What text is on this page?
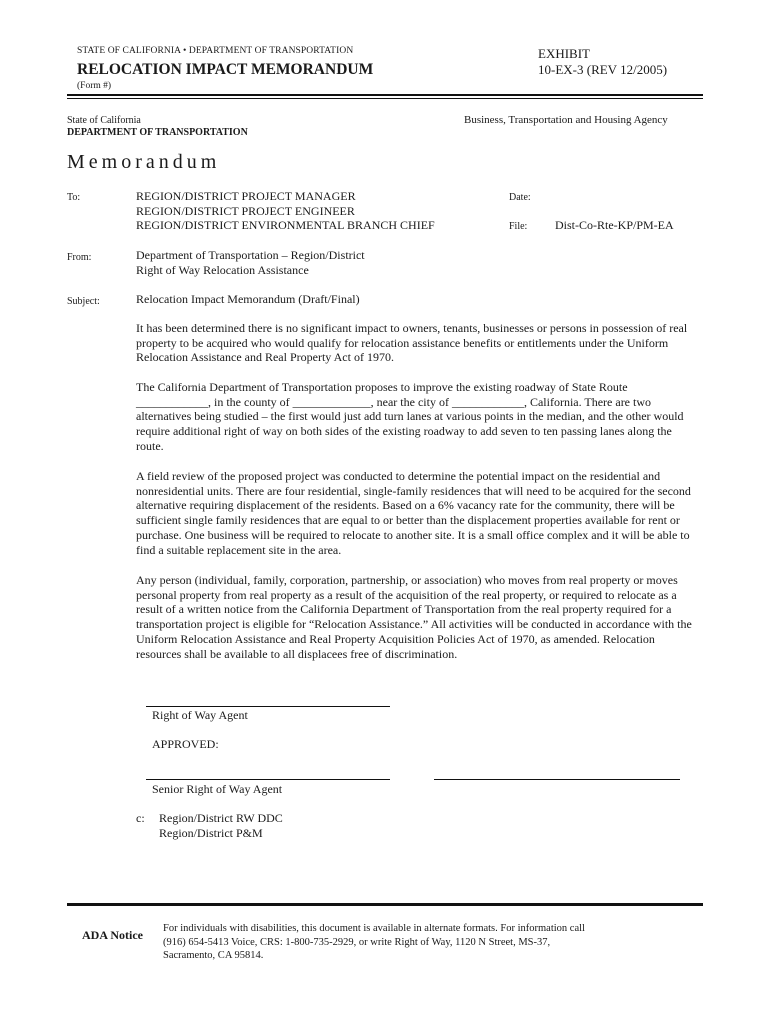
STATE OF CALIFORNIA • DEPARTMENT OF TRANSPORTATION
RELOCATION IMPACT MEMORANDUM
(Form #)
EXHIBIT
10-EX-3 (REV 12/2005)
State of California
DEPARTMENT OF TRANSPORTATION
Business, Transportation and Housing Agency
Memorandum
To:	REGION/DISTRICT PROJECT MANAGER
REGION/DISTRICT PROJECT ENGINEER
REGION/DISTRICT ENVIRONMENTAL BRANCH CHIEF
Date:
File: Dist-Co-Rte-KP/PM-EA
From:	Department of Transportation – Region/District
Right of Way Relocation Assistance
Subject:	Relocation Impact Memorandum (Draft/Final)
It has been determined there is no significant impact to owners, tenants, businesses or persons in possession of real property to be acquired who would qualify for relocation assistance benefits or entitlements under the Uniform Relocation Assistance and Real Property Act of 1970.
The California Department of Transportation proposes to improve the existing roadway of State Route ____________, in the county of _____________, near the city of ____________, California. There are two alternatives being studied – the first would just add turn lanes at various points in the median, and the other would require additional right of way on both sides of the existing roadway to add seven to ten passing lanes along the route.
A field review of the proposed project was conducted to determine the potential impact on the residential and nonresidential units. There are four residential, single-family residences that will need to be acquired for the second alternative requiring displacement of the residents. Based on a 6% vacancy rate for the community, there will be sufficient single family residences that are equal to or better than the displacement properties available for rent or purchase. One business will be required to relocate to another site. It is a small office complex and it will be able to find a suitable replacement site in the area.
Any person (individual, family, corporation, partnership, or association) who moves from real property or moves personal property from real property as a result of the acquisition of the real property, or required to relocate as a result of a written notice from the California Department of Transportation from the real property required for a transportation project is eligible for “Relocation Assistance.” All activities will be conducted in accordance with the Uniform Relocation Assistance and Real Property Acquisition Policies Act of 1970, as amended. Relocation resources shall be available to all displacees free of discrimination.
Right of Way Agent
APPROVED:
Senior Right of Way Agent
c: Region/District RW DDC
Region/District P&M
ADA Notice For individuals with disabilities, this document is available in alternate formats. For information call
(916) 654-5413 Voice, CRS: 1-800-735-2929, or write Right of Way, 1120 N Street, MS-37,
Sacramento, CA 95814.
